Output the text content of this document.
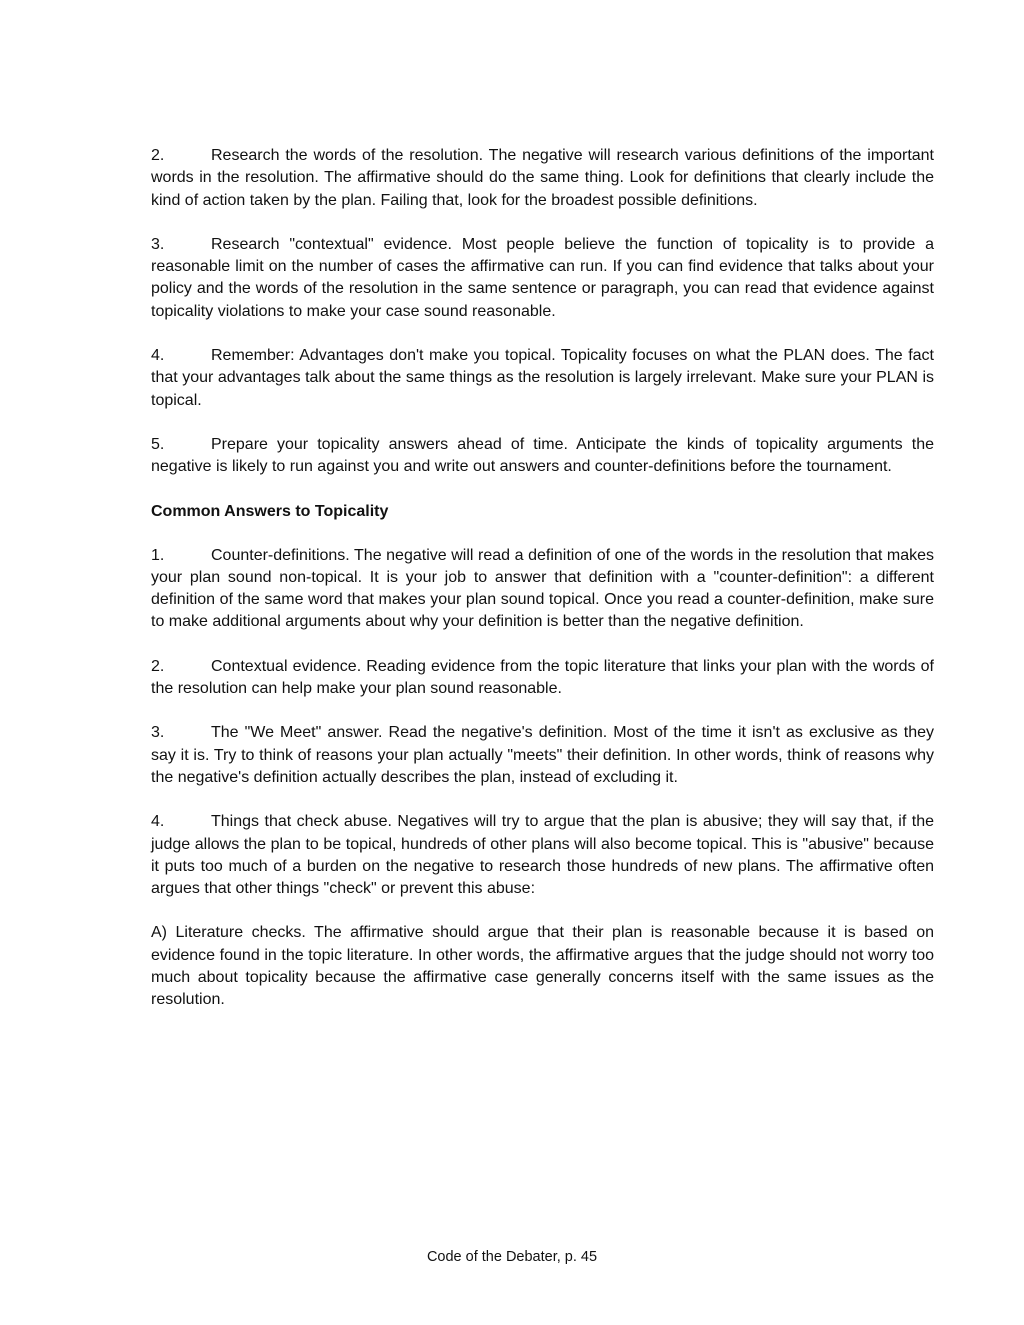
2.	Research the words of the resolution. The negative will research various definitions of the important words in the resolution. The affirmative should do the same thing. Look for definitions that clearly include the kind of action taken by the plan. Failing that, look for the broadest possible definitions.

3.	Research "contextual" evidence. Most people believe the function of topicality is to provide a reasonable limit on the number of cases the affirmative can run. If you can find evidence that talks about your policy and the words of the resolution in the same sentence or paragraph, you can read that evidence against topicality violations to make your case sound reasonable.

4.	Remember: Advantages don't make you topical. Topicality focuses on what the PLAN does. The fact that your advantages talk about the same things as the resolution is largely irrelevant. Make sure your PLAN is topical.

5.	Prepare your topicality answers ahead of time. Anticipate the kinds of topicality arguments the negative is likely to run against you and write out answers and counter-definitions before the tournament.

Common Answers to Topicality

1.	Counter-definitions. The negative will read a definition of one of the words in the resolution that makes your plan sound non-topical. It is your job to answer that definition with a "counter-definition": a different definition of the same word that makes your plan sound topical. Once you read a counter-definition, make sure to make additional arguments about why your definition is better than the negative definition.

2.	Contextual evidence. Reading evidence from the topic literature that links your plan with the words of the resolution can help make your plan sound reasonable.

3.	The "We Meet" answer. Read the negative's definition. Most of the time it isn't as exclusive as they say it is. Try to think of reasons your plan actually "meets" their definition. In other words, think of reasons why the negative's definition actually describes the plan, instead of excluding it.

4.	Things that check abuse. Negatives will try to argue that the plan is abusive; they will say that, if the judge allows the plan to be topical, hundreds of other plans will also become topical. This is "abusive" because it puts too much of a burden on the negative to research those hundreds of new plans. The affirmative often argues that other things "check" or prevent this abuse:

A) Literature checks. The affirmative should argue that their plan is reasonable because it is based on evidence found in the topic literature. In other words, the affirmative argues that the judge should not worry too much about topicality because the affirmative case generally concerns itself with the same issues as the resolution.

Code of the Debater, p. 45
